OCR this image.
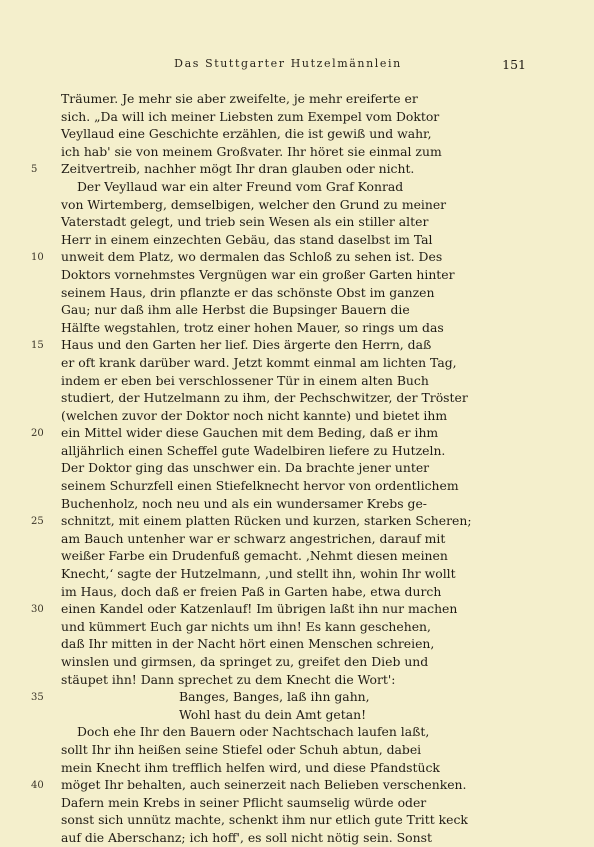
Das Stuttgarter Hutzelmännlein	151
Träumer. Je mehr sie aber zweifelte, je mehr ereiferte er
sich. „Da will ich meiner Liebsten zum Exempel vom Doktor
Veyllaud eine Geschichte erzählen, die ist gewiß und wahr,
ich hab' sie von meinem Großvater. Ihr höret sie einmal zum
5	Zeitvertreib, nachher mögt Ihr dran glauben oder nicht.
Der Veyllaud war ein alter Freund vom Graf Konrad
von Wirtemberg, demselbigen, welcher den Grund zu meiner
Vaterstadt gelegt, und trieb sein Wesen als ein stiller alter
Herr in einem einzechten Gebäu, das stand daselbst im Tal
10	unweit dem Platz, wo dermalen das Schloß zu sehen ist. Des
Doktors vornehmstes Vergnügen war ein großer Garten hinter
seinem Haus, drin pflanzte er das schönste Obst im ganzen
Gau; nur daß ihm alle Herbst die Bupsinger Bauern die
Hälfte wegstahlen, trotz einer hohen Mauer, so rings um das
15	Haus und den Garten her lief. Dies ärgerte den Herrn, daß
er oft krank darüber ward. Jetzt kommt einmal am lichten Tag,
indem er eben bei verschlossener Tür in einem alten Buch
studiert, der Hutzelmann zu ihm, der Pechschwitzer, der Tröster
(welchen zuvor der Doktor noch nicht kannte) und bietet ihm
20	ein Mittel wider diese Gauchen mit dem Beding, daß er ihm
alljährlich einen Scheffel gute Wadelbiren liefere zu Hutzeln.
Der Doktor ging das unschwer ein. Da brachte jener unter
seinem Schurzfell einen Stiefelknecht hervor von ordentlichem
Buchenholz, noch neu und als ein wundersamer Krebs ge-
25	schnitzt, mit einem platten Rücken und kurzen, starken Scheren;
am Bauch untenher war er schwarz angestrichen, darauf mit
weißer Farbe ein Drudenfuß gemacht. ‚Nehmt diesen meinen
Knecht,‘ sagte der Hutzelmann, ‚und stellt ihn, wohin Ihr wollt
im Haus, doch daß er freien Paß in Garten habe, etwa durch
30	einen Kandel oder Katzenlauf! Im übrigen laßt ihn nur machen
und kümmert Euch gar nichts um ihn! Es kann geschehen,
daß Ihr mitten in der Nacht hört einen Menschen schreien,
winslen und girmsen, da springet zu, greifet den Dieb und
stäupet ihn! Dann sprechet zu dem Knecht die Wort':
35	Banges, Banges, laß ihn gahn,
Wohl hast du dein Amt getan!
Doch ehe Ihr den Bauern oder Nachtschach laufen laßt,
sollt Ihr ihn heißen seine Stiefel oder Schuh abtun, dabei
mein Knecht ihm trefflich helfen wird, und diese Pfandstück
40	möget Ihr behalten, auch seinerzeit nach Belieben verschenken.
Dafern mein Krebs in seiner Pflicht saumselig würde oder
sonst sich unnütz machte, schenkt ihm nur etlich gute Tritt keck
auf die Aberschanz; ich hoff', es soll nicht nötig sein. Sonst
